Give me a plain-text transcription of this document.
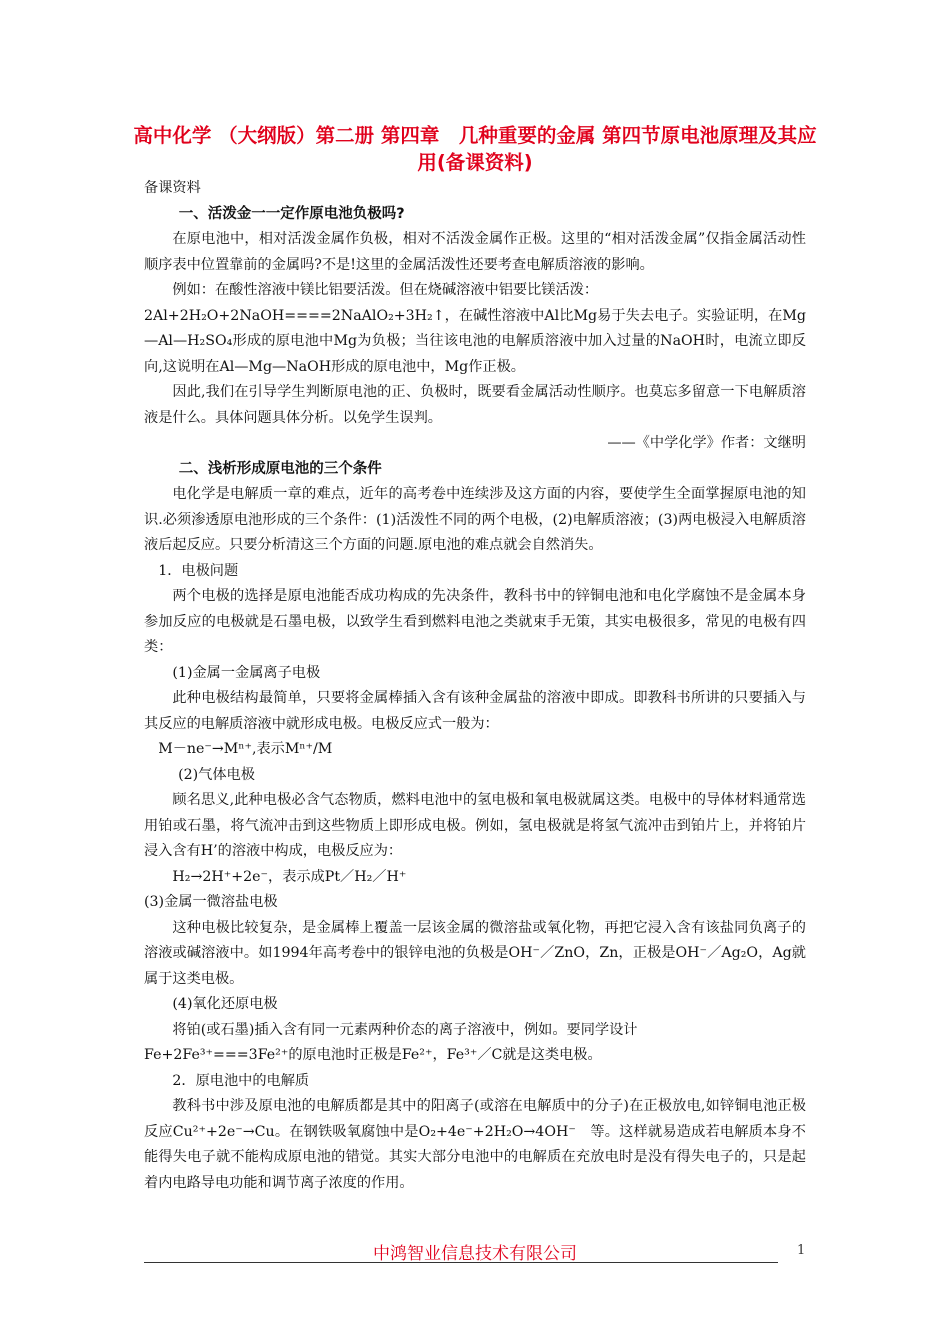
高中化学 （大纲版）第二册 第四章　几种重要的金属 第四节原电池原理及其应用(备课资料)

备课资料

一、活泼金一一定作原电池负极吗?

在原电池中，相对活泼金属作负极，相对不活泼金属作正极。这里的“相对活泼金属”仅指金属活动性顺序表中位置靠前的金属吗?不是!这里的金属活泼性还要考查电解质溶液的影响。

例如：在酸性溶液中镁比铝要活泼。但在烧碱溶液中铝要比镁活泼：

2Al+2H₂O+2NaOH====2NaAlO₂+3H₂↑，在碱性溶液中Al比Mg易于失去电子。实验证明，在Mg—Al—H₂SO₄形成的原电池中Mg为负极；当往该电池的电解质溶液中加入过量的NaOH时，电流立即反向,这说明在Al—Mg—NaOH形成的原电池中，Mg作正极。

因此,我们在引导学生判断原电池的正、负极时，既要看金属活动性顺序。也莫忘多留意一下电解质溶液是什么。具体问题具体分析。以免学生误判。

——《中学化学》作者：文继明

二、浅析形成原电池的三个条件

电化学是电解质一章的难点，近年的高考卷中连续涉及这方面的内容，要使学生全面掌握原电池的知识.必须渗透原电池形成的三个条件：(1)活泼性不同的两个电极，(2)电解质溶液；(3)两电极浸入电解质溶液后起反应。只要分析清这三个方面的问题.原电池的难点就会自然消失。

1．电极问题

两个电极的选择是原电池能否成功构成的先决条件，教科书中的锌铜电池和电化学腐蚀不是金属本身参加反应的电极就是石墨电极，以致学生看到燃料电池之类就束手无策，其实电极很多，常见的电极有四类：

(1)金属一金属离子电极

此种电极结构最简单，只要将金属棒插入含有该种金属盐的溶液中即成。即教科书所讲的只要插入与其反应的电解质溶液中就形成电极。电极反应式一般为：

M－ne⁻→Mⁿ⁺,表示Mⁿ⁺/M

(2)气体电极

顾名思义,此种电极必含气态物质，燃料电池中的氢电极和氧电极就属这类。电极中的导体材料通常选用铂或石墨，将气流冲击到这些物质上即形成电极。例如，氢电极就是将氢气流冲击到铂片上，并将铂片浸入含有H’的溶液中构成，电极反应为：

H₂→2H⁺+2e⁻，表示成Pt／H₂／H⁺

(3)金属一微溶盐电极

这种电极比较复杂，是金属棒上覆盖一层该金属的微溶盐或氧化物，再把它浸入含有该盐同负离子的溶液或碱溶液中。如1994年高考卷中的银锌电池的负极是OH⁻／ZnO，Zn，正极是OH⁻／Ag₂O，Ag就属于这类电极。

(4)氧化还原电极

将铂(或石墨)插入含有同一元素两种价态的离子溶液中，例如。要同学设计

Fe+2Fe³⁺===3Fe²⁺的原电池时正极是Fe²⁺，Fe³⁺／C就是这类电极。

2．原电池中的电解质

教科书中涉及原电池的电解质都是其中的阳离子(或溶在电解质中的分子)在正极放电,如锌铜电池正极反应Cu²⁺+2e⁻→Cu。在钢铁吸氧腐蚀中是O₂+4e⁻+2H₂O→4OH⁻　等。这样就易造成若电解质本身不能得失电子就不能构成原电池的错觉。其实大部分电池中的电解质在充放电时是没有得失电子的，只是起着内电路导电功能和调节离子浓度的作用。

中鸿智业信息技术有限公司	1
